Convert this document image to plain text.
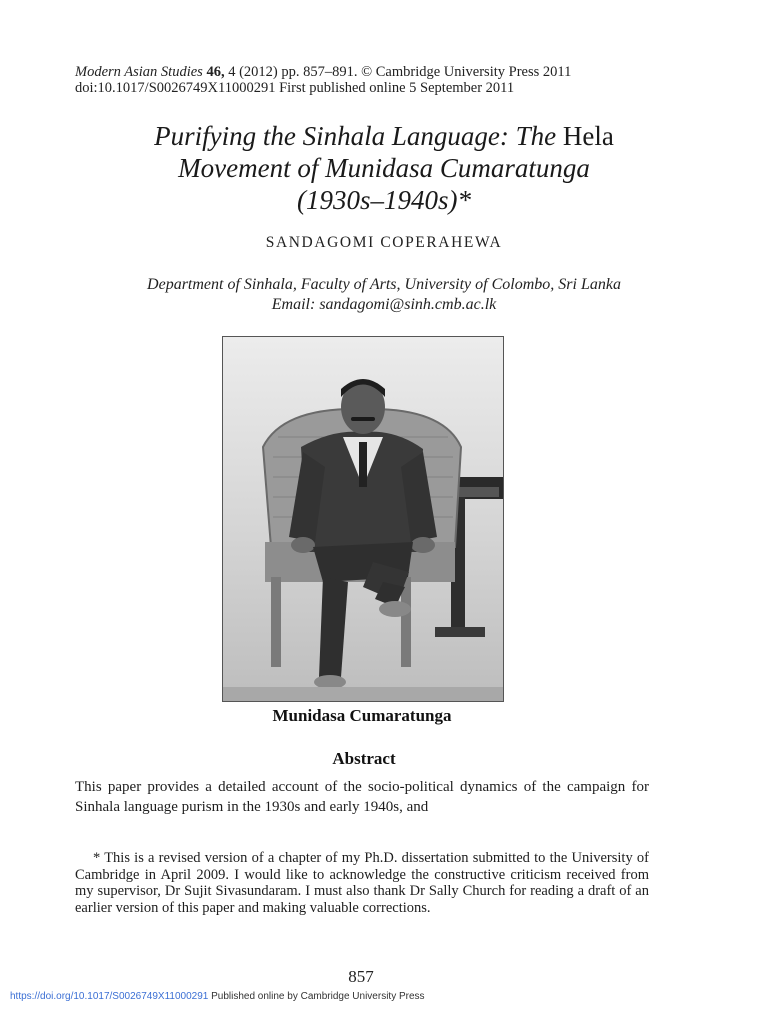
Modern Asian Studies 46, 4 (2012) pp. 857–891. © Cambridge University Press 2011
doi:10.1017/S0026749X11000291 First published online 5 September 2011
Purifying the Sinhala Language: The Hela
Movement of Munidasa Cumaratunga
(1930s–1940s)*
SANDAGOMI COPERAHEWA
Department of Sinhala, Faculty of Arts, University of Colombo, Sri Lanka
Email: sandagomi@sinh.cmb.ac.lk
Munidasa Cumaratunga
Abstract
This paper provides a detailed account of the socio-political dynamics of the campaign for Sinhala language purism in the 1930s and early 1940s, and
* This is a revised version of a chapter of my Ph.D. dissertation submitted to the University of Cambridge in April 2009. I would like to acknowledge the constructive criticism received from my supervisor, Dr Sujit Sivasundaram. I must also thank Dr Sally Church for reading a draft of an earlier version of this paper and making valuable corrections.
857
https://doi.org/10.1017/S0026749X11000291 Published online by Cambridge University Press
